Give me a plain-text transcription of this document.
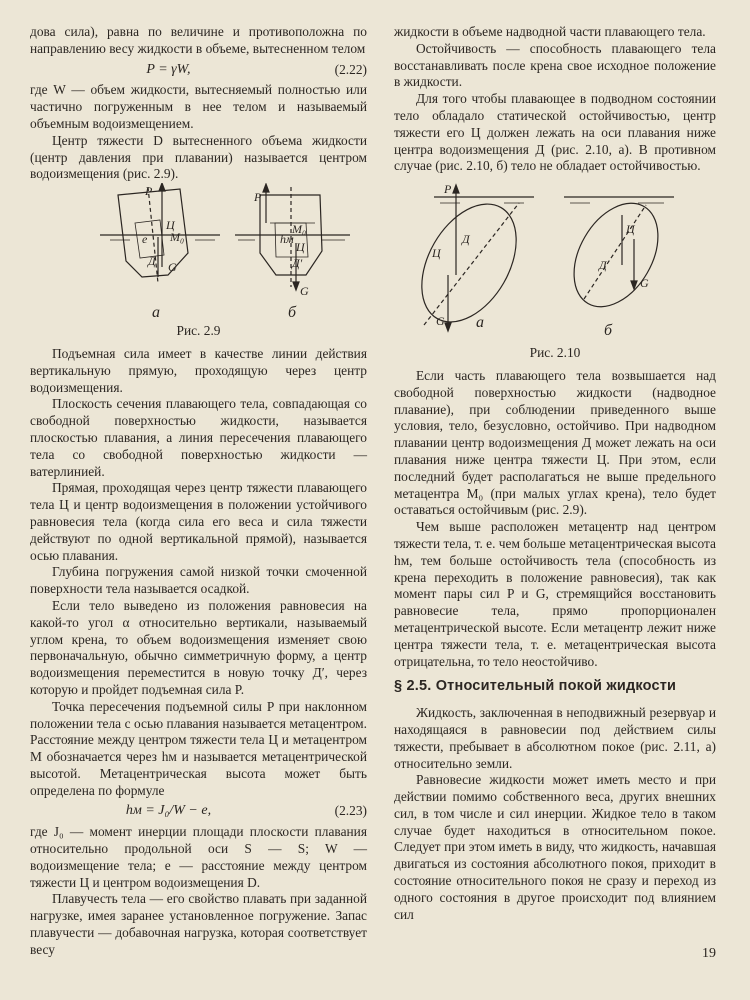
дова сила), равна по величине и противоположна по направлению весу жидкости в объеме, вытесненном телом

P = γW,	(2.22)

где W — объем жидкости, вытесняемый полностью или частично погруженным в нее телом и называемый объемным водоизмещением.

Центр тяжести D вытесненного объема жидкости (центр давления при плавании) называется центром водоизмещения (рис. 2.9).

P
Ц
M₀
Д G
e
а
P
M₀
Ц
Д′
G
hм
б

Рис. 2.9

Подъемная сила имеет в качестве линии действия вертикальную прямую, проходящую через центр водоизмещения.

Плоскость сечения плавающего тела, совпадающая со свободной поверхностью жидкости, называется плоскостью плавания, а линия пересечения плавающего тела со свободной поверхностью жидкости — ватерлинией.

Прямая, проходящая через центр тяжести плавающего тела Ц и центр водоизмещения в положении устойчивого равновесия тела (когда сила его веса и сила тяжести действуют по одной вертикальной прямой), называется осью плавания.

Глубина погружения самой низкой точки смоченной поверхности тела называется осадкой.

Если тело выведено из положения равновесия на какой-то угол α относительно вертикали, называемый углом крена, то объем водоизмещения изменяет свою первоначальную, обычно симметричную форму, а центр водоизмещения переместится в новую точку Д′, через которую и пройдет подъемная сила P.

Точка пересечения подъемной силы P при наклонном положении тела с осью плавания называется метацентром. Расстояние между центром тяжести тела Ц и метацентром М обозначается через hм и называется метацентрической высотой. Метацентрическая высота может быть определена по формуле

hм = J₀/W − e,	(2.23)

где J₀ — момент инерции площади плоскости плавания относительно продольной оси S — S; W — водоизмещение тела; e — расстояние между центром тяжести Ц и центром водоизмещения D.

Плавучесть тела — его свойство плавать при заданной нагрузке, имея заранее установленное погружение. Запас плавучести — добавочная нагрузка, которая соответствует весу

жидкости в объеме надводной части плавающего тела.

Остойчивость — способность плавающего тела восстанавливать после крена свое исходное положение в жидкости.

Для того чтобы плавающее в подводном состоянии тело обладало статической остойчивостью, центр тяжести его Ц должен лежать на оси плавания ниже центра водоизмещения Д (рис. 2.10, а). В противном случае (рис. 2.10, б) тело не обладает остойчивостью.

P
Д
Ц
G а
Ц
Д
G
б

Рис. 2.10

Если часть плавающего тела возвышается над свободной поверхностью жидкости (надводное плавание), при соблюдении приведенного выше условия, тело, безусловно, остойчиво. При надводном плавании центр водоизмещения Д может лежать на оси плавания ниже центра тяжести Ц. При этом, если последний будет располагаться не выше предельного метацентра M₀ (при малых углах крена), тело будет оставаться остойчивым (рис. 2.9).

Чем выше расположен метацентр над центром тяжести тела, т. е. чем больше метацентрическая высота hм, тем больше остойчивость тела (способность из крена переходить в положение равновесия), так как момент пары сил P и G, стремящийся восстановить равновесие тела, прямо пропорционален метацентрической высоте. Если метацентр лежит ниже центра тяжести тела, т. е. метацентрическая высота отрицательна, то тело неостойчиво.

§ 2.5. Относительный покой жидкости

Жидкость, заключенная в неподвижный резервуар и находящаяся в равновесии под действием силы тяжести, пребывает в абсолютном покое (рис. 2.11, а) относительно земли.

Равновесие жидкости может иметь место и при действии помимо собственного веса, других внешних сил, в том числе и сил инерции. Жидкое тело в таком случае будет находиться в относительном покое. Следует при этом иметь в виду, что жидкость, начавшая двигаться из состояния абсолютного покоя, приходит в состояние относительного покоя не сразу и переход из одного состояния в другое происходит под влиянием сил

19
